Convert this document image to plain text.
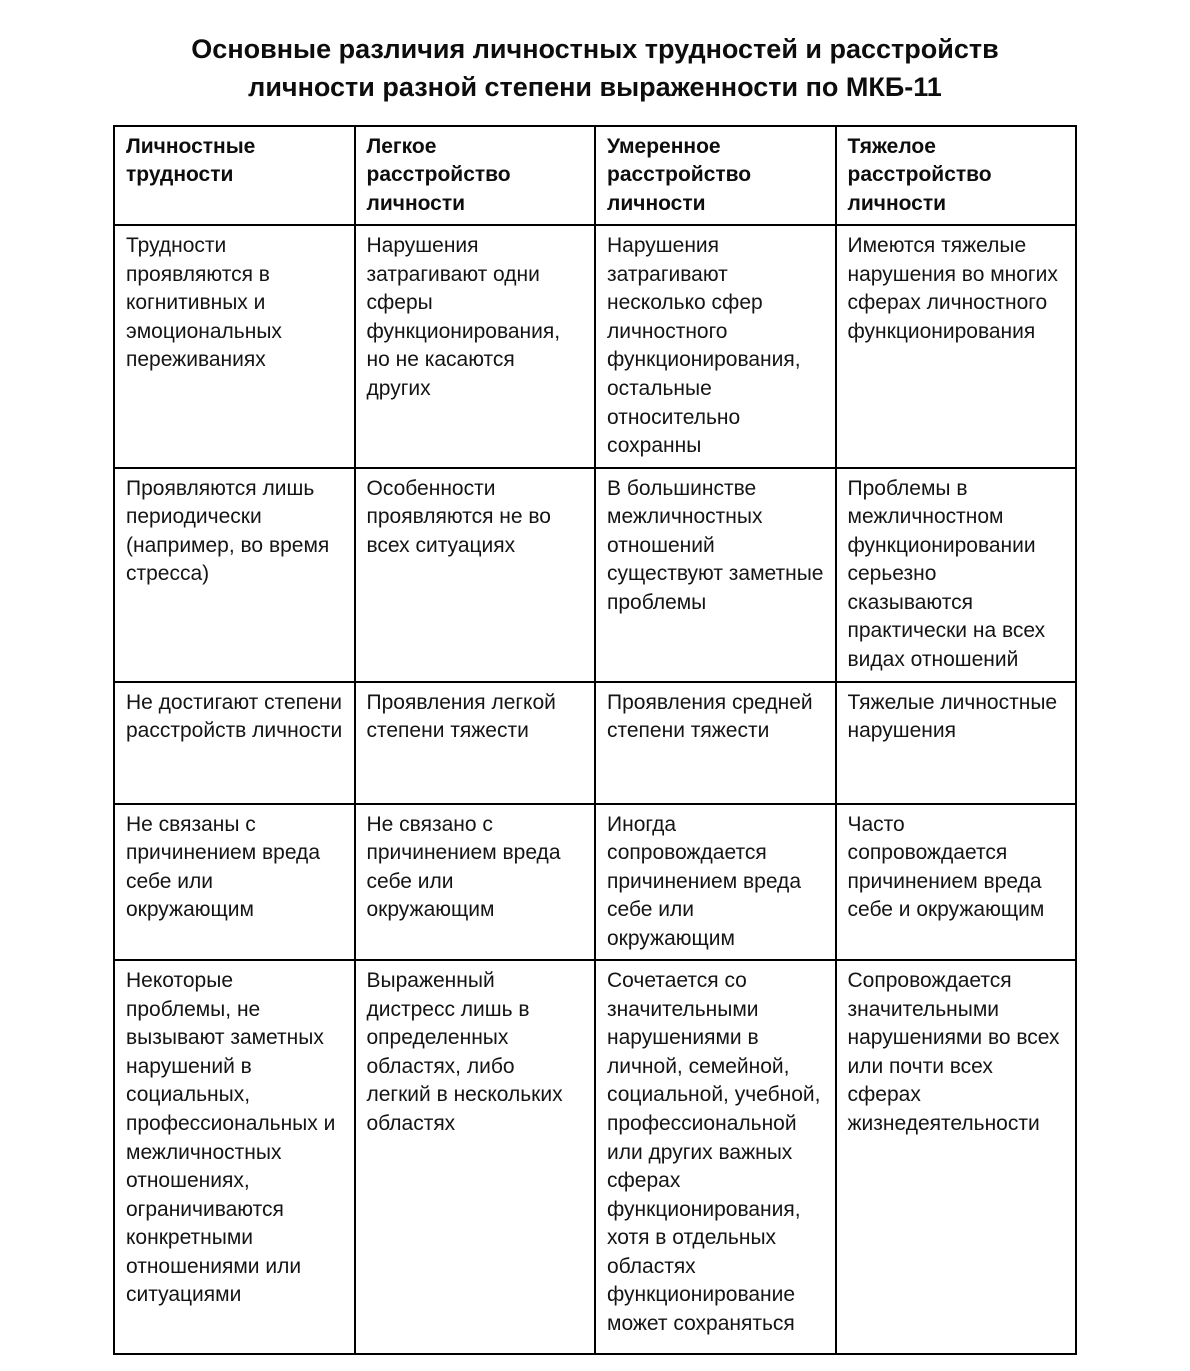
Основные различия личностных трудностей и расстройств личности разной степени выраженности по МКБ-11
Личностные трудности	Легкое расстройство личности	Умеренное расстройство личности	Тяжелое расстройство личности
Трудности проявляются в когнитивных и эмоциональных переживаниях	Нарушения затрагивают одни сферы функционирования, но не касаются других	Нарушения затрагивают несколько сфер личностного функционирования, остальные относительно сохранны	Имеются тяжелые нарушения во многих сферах личностного функционирования
Проявляются лишь периодически (например, во время стресса)	Особенности проявляются не во всех ситуациях	В большинстве межличностных отношений существуют заметные проблемы	Проблемы в межличностном функционировании серьезно сказываются практически на всех видах отношений
Не достигают степени расстройств личности	Проявления легкой степени тяжести	Проявления средней степени тяжести	Тяжелые личностные нарушения
Не связаны с причинением вреда себе или окружающим	Не связано с причинением вреда себе или окружающим	Иногда сопровождается причинением вреда себе или окружающим	Часто сопровождается причинением вреда себе и окружающим
Некоторые проблемы, не вызывают заметных нарушений в социальных, профессиональных и межличностных отношениях, ограничиваются конкретными отношениями или ситуациями	Выраженный дистресс лишь в определенных областях, либо легкий в нескольких областях	Сочетается со значительными нарушениями в личной, семейной, социальной, учебной, профессиональной или других важных сферах функционирования, хотя в отдельных областях функционирование может сохраняться	Сопровождается значительными нарушениями во всех или почти всех сферах жизнедеятельности
